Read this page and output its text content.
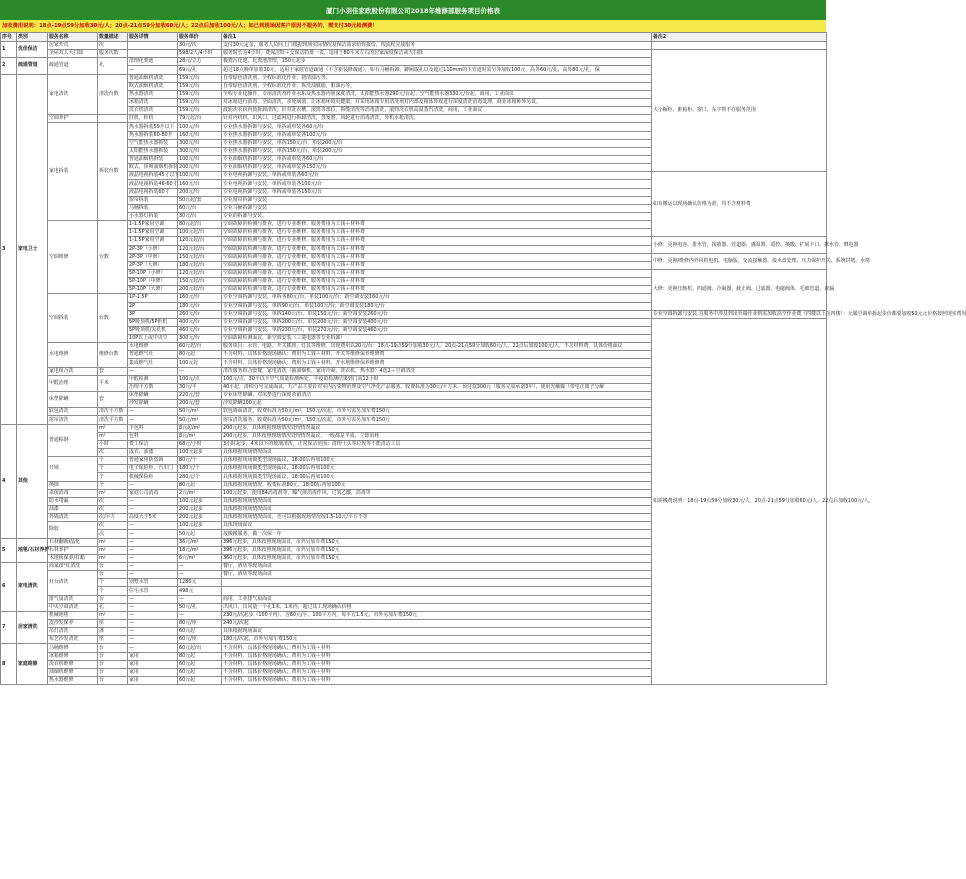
厦门小羽佳家政股份有限公司2018年维修部服务项目价格表
加收费用说明：18点-19点59分加收30元/人；20点-21点59分加收60元/人；22点后加收100元/人；如已到现场因客户原因不服务的，需支付30元检测费！
序号	类别	服务名称	数量描述	服务详情	服务单价	备注1	备注2
1	优佳保洁	居家开荒	次		30元/次	支付30元定金，服务人员间上门根据现场实际情况及保洁需求给你报价，按流程完成服务	
		全屋双人大扫除	服务次数		598/2人/4小时	服务时长为4小时，费保洁特＋女保洁特排一表，适用于80平米左右的居家深度保洁或大扫除	大小橱柜、脏箱柜、窗口、东字帮不在服务范围
2	疏通管道	疏通管道	孔	清理化粪池	28元/立方	极粪污化池，化粪池清理，150元起步	
				—	69元/孔	超过18点晚单加收30元，适用于家庭管道疏通（不含新装修疏通），如有马桶拆卸、蹲厕取孔以及超过110mm的主管道时需另外加收100元。高外60元/孔，高外80元/孔，保	
3	家电卫士	家电清洗	清洗台数	普通油烟机清洗	159元/台	自带绿色清洗剂，全程标准化作业，初清油污等。	
				欧式油烟机清洗	159元/台	自带绿色清洗剂，全程标准化作业，拆洗油腻脂，脏油污等。	
				热水器清洗	159元/台	全程专业化操作，专用清洗剂作业水垢及热水器内胆深度清洗，太阳能热水器290元/台起；空气能热水器330元/台起，商用，工业面议	
				冰箱清洗	159元/台	对冰箱进行消毒，全面清洗，杀死病菌，让冰箱环境更健康，并采用冰箱专用清洗剂对内部及箱体外观进行深度清洗消毒处理，商业冰箱种外另议。	
				洗衣机清洗	159元/台	波轮洗衣机内筒拆卸清洗，针对洗衣槽，滚筒等部位，拆缝清洗等消毒清洗，滚筒洗衣机高温蒸汽清洗，商用，工业面议	
		空调养护		挂机，柜机	79元起/台	针对内机机、出风口、过滤网进行拆卸清洗，蒸发器，风轮进行消毒清洗，外机水枪清洗。	
		家电拆装	拆装台数	热水器拆装59升以下	100元/台	专业热水器拆卸与安装，单拆或单装各60元/台	
				热水器拆装60-80升	160元/台	专业热水器拆卸与安装，单拆或单装各100元/台	
				空气能热水器拆装	300元/台	专业热水器拆卸与安装，单拆150元/台，单装200元/台	
				太阳能热水器拆装	300元/台	专业热水器拆卸与安装，单拆150元/台，单装200元/台	
				普通油烟机拆装	100元/台	专业油烟机拆卸与安装，单拆或单装各60元/台	
				欧式，顶吸油烟机拆装	200元/台	专业油烟机拆卸与安装，单拆或单装各150元/台	
				液晶电视拆装45寸以下	100元/台	专业电视拆卸与安装，单拆或单装各60元/台	如有搬运以现场确认价格为准，均不含材料费
				液晶电视拆装46-60寸	160元/台	专业电视拆卸与安装，单拆或单装各100元/台	
				液晶电视拆装60寸	200元/台	专业电视拆卸与安装，单拆或单装各150元/台	
				窗帘拆装	50元起/套	专业窗帘拆卸与安装	
				马桶拆装	60元/台	专业马桶拆卸与安装	
				小水器灯拆装	30元/台	专业的拆卸与安装。	
		空调维修	台数	1-1.5P家用空调	80元起/台	空调故障的检测与排查，进行专业维修，服务费用为工钱＋材料费	
				1-1.5P家用空调	100元起/台	空调故障的检测与排查，进行专业维修，服务费用为工钱＋材料费	
				1-1.5P家用空调	120元起/台	空调故障的检测与排查，进行专业维修，服务费用为工钱＋材料费	小修：更换电容、排水管、接收器、管道器、感温器、遥控、换暖、扩展卡口、排水管、继电器
				2P-3P（小修）	120元起/台	空调故障的检测与排查，进行专业维修，服务费用为工钱＋材料费	
				2P-3P（中修）	150元起/台	空调故障的检测与排查，进行专业维修，服务费用为工钱＋材料费	中修：更换/维修内外风机电机、电脑版、交流接触器、接水盘处理、压力保护开关、系统封堵、水堵
				2P-3P（大修）	180元起/台	空调故障的检测与排查，进行专业维修，服务费用为工钱＋材料费	
				5P-10P（小修）	120元起/台	空调故障的检测与排查，进行专业维修，服务费用为工钱＋材料费	大修：更换压缩机、四通阀、冷凝器、截止阀、过滤器、电磁阀体、毛细管道、查漏
				5P-10P（中修）	150元起/台	空调故障的检测与排查，进行专业维修，服务费用为工钱＋材料费	
				5P-10P（大修）	200元起/台	空调故障的检测与排查，进行专业维修，服务费用为工钱＋材料费	
		空调拆装	台数	1P-1.5P	160元/台	专业空调拆卸与安装，单拆各80元/台，单装100元/台；新空调安装160元/台	
				2P	180元/台	专业空调拆卸与安装，单拆90元/台，单装100元/台；新空调安装180元/台	
				3P	260元/台	专业空调拆卸与安装，单拆140元/台，单装150元/台；新空调安装260元/台	专业空调拆卸与安装,且服务中涉及到出外墙作业则需加收高空作业费（四楼以上含四楼）：元服空调单拆起步价都要加收50元元价格按照现实费用
				5P吸顶机/5P柜机	400元/台	专业空调拆卸与安装，单拆200元/台，单装200元/台；新空调安装400元/台	如需搬费说明：18点-19点59分加收30元/人，20点-21点59分加收60元/人，22点后加收100元/人。
				5P吸顶机/天花机	460元/台	专业空调拆卸与安装，单拆230元/台，单装270元/台；新空调安装460元/台	
				10P以上或中央空	300元/台	空调故障检测面议，新空调安装（三菱电器等专业拆卸）	
		水电维修	维修台数	水电维修	60元起/台	服务项目：水管，电路，开关插座，灯具等维修，出现费用以20元/台：18点-19点59分加收30元/人，20点-21点59分加收60元/人，22点后加收100元/人，不含材料费，具体价格面议	
				普通燃气灶	80元起	不含材料，具体价格现场确认：费用为工钱＋材料，开关等维修保养维修费	
				集成燃气灶	100元起	不含材料，具体价格现场确认：费用为工钱＋材料，开水地维修保养维修费	
		家电组合洗	套	—	—	清洗服务组合套餐，家电清洗（抽油烟机，家用冷凝，洗衣机，热水器）4选2＋空调清洗	
		甲醛治理	平米	甲醛检测	100元/点	100元/点，30平以下空气质量检测两处，平疫苗检测结果到门需12小时	
				治理平方数	30元/平	40平起，清积分号完成面议，方产品主要针对室内污染物治理及空气净化产品服务。收费标准为30元/平方米，预付款300元（服务完成承诺3年），使用光触媒（带电正离子分解	
		床垫除螨	套	床垫除螨	220元/套	专业床垫除螨，对床垫进行深度杀菌清洁	
				沙发除螨	200元/套	沙发除螨200元起	
		软包清洗	清洗平方数	—	50元/m²	软包墙面清洗，收费标准为50元/m²，150元/次起，市外另需另加车费150元	
		窗帘清洗	清洗平方数	—	50元/m²	窗帘清洗服务，收费标准为50元/m²，150元/次起，市外另需另加车费150元	
4	其他	普通粘钢	m²	下包料	8元起/m²	200元起步，具体根据现场情况处理情况面议	
			m²	包料	8元/m²	200元起步，具体按照现场情况处理情况面议，一般都是半成，立即消耗	
			小时	费工保洁	68元/小时	3小时起步，4米以下的玻璃清洗，正常保洁范围；清理土头等垃圾等不能清洁工具	
			次	成衣、油漆	100元起步	具体根据现场情况面议	
		开锁	个	普通家用防盗锁	80元/个	具体根据现场锁类型现场面议，18:00后再加100元	
			个	电子保险柜、汽车门	180元/个	具体根据现场锁类型现场面议，18:00后再加100元	
			个	机械保险柜	280元/个	具体根据现场锁类型现场面议，18:00后再加100元	
		换锁	个	—	80元起	具体根据现场情况，收费标准80元，18:00后再加100元	
		杀菌消毒	m²	家庭公司消毒	2元/m²	100元起步，使用84消毒剂等，曝气液消毒作风，过氧乙酸，消毒等	
		防水堵漏	次	—	100元起步	具体根据现场情况面议	
		油漆	次	—	200元起步	具体根据现场情况面议	
		外墙清洗	次/平方	高度大于5米	200元起步	具体根据现场情况面议，也可以根据现场情况按1.5-10元/平方不等	
		除胶	次	—	100元起步	具体现场面议	
			次	—	50元起	按搬搬服务，做一次保一年	
5	地毯/石材养护	石材翻新/晶化	m²	—	36元/m²	396元起步，具体按照现场面议，市外另加车费150元	
		石材养护	m²	—	18元/m²	396元起步，具体按照现场面议，市外另加车费150元	
		木地板保养/打蜡	m²	—	6元/m²	360元起步，具体按照现场面议，市外另加车费150元	
6	家电清洗	商家/炉灶清洗	台	—	—	餐厅，酒店等现场面议	
		灶台清洗	台	—	—	餐厅，酒店等现场面议	
			个	别墅水管	1280元		
			个	住宅水管	498元		
		排气扇清洗	台	—	—	商用，工业排气扇面议	
		中央空调清洗	孔	—	50元/孔	出风口，出风量一个孔1米，1米内，超过其工现场确认价格	
7	居家清洗	机械地毯	m²	—	—	230元/次起步（100平内），含80元/平，100平方内，每平方1.5元，市外另加车费150元	
		皮沙发保养	座	—	80元/座	240元/次起	
		吊灯清洗	盏	—	60元起	具体根据现场面议	
		布艺沙发清洗	座	—	60元/座	180元/次起，市外另加车费150元	
8	家庭维修	马桶维修	台	—	60元起/台	不含材料，具体价格现场确认；费用为工钱＋材料	
		冰箱维修	台	家用	80元起	不含材料，具体价格现场确认；费用为工钱＋材料	
		洗衣机维修	台	家用	60元起	不含材料，具体价格现场确认；费用为工钱＋材料	
		油烟机维修	台	家用	60元起	不含材料，具体价格现场确认；费用为工钱＋材料	
		热水器维修	台	家用	60元起	不含材料，具体价格现场确认；费用为工钱＋材料	
